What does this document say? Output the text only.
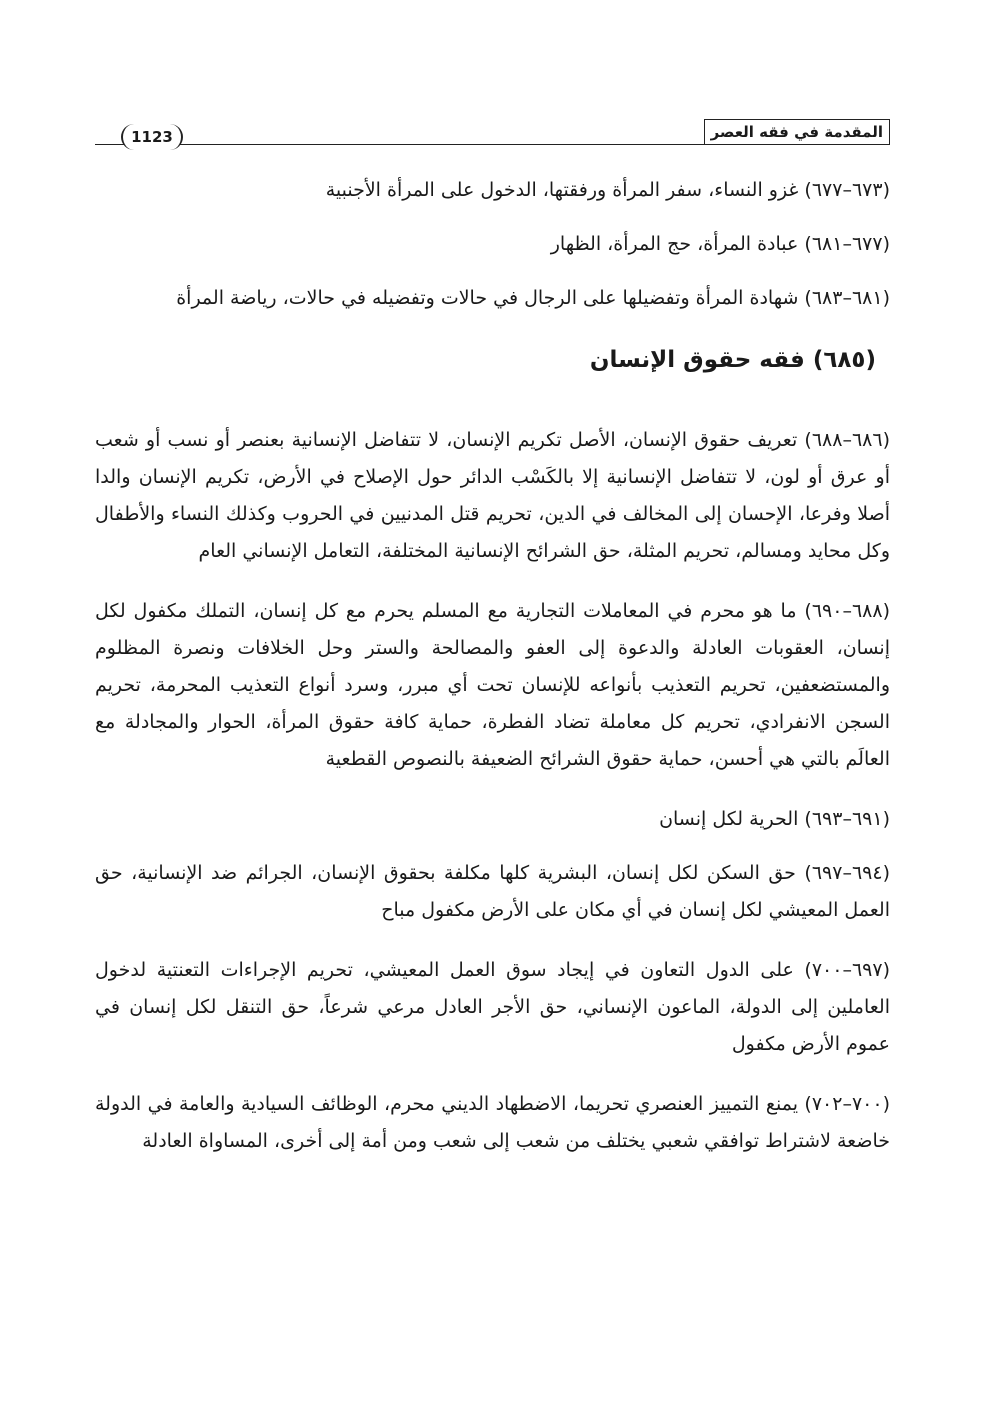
المقدمة في فقه العصر
1123

(٦٧٣–٦٧٧) غزو النساء، سفر المرأة ورفقتها، الدخول على المرأة الأجنبية

(٦٧٧–٦٨١) عبادة المرأة، حج المرأة، الظهار

(٦٨١–٦٨٣) شهادة المرأة وتفضيلها على الرجال في حالات وتفضيله في حالات، رياضة المرأة

(٦٨٥) فقه حقوق الإنسان

(٦٨٦–٦٨٨) تعريف حقوق الإنسان، الأصل تكريم الإنسان، لا تتفاضل الإنسانية بعنصر أو نسب أو شعب أو عرق أو لون، لا تتفاضل الإنسانية إلا بالكَسْب الدائر حول الإصلاح في الأرض، تكريم الإنسان والدا أصلا وفرعا، الإحسان إلى المخالف في الدين، تحريم قتل المدنيين في الحروب وكذلك النساء والأطفال وكل محايد ومسالم، تحريم المثلة، حق الشرائح الإنسانية المختلفة، التعامل الإنساني العام

(٦٨٨–٦٩٠) ما هو محرم في المعاملات التجارية مع المسلم يحرم مع كل إنسان، التملك مكفول لكل إنسان، العقوبات العادلة والدعوة إلى العفو والمصالحة والستر وحل الخلافات ونصرة المظلوم والمستضعفين، تحريم التعذيب بأنواعه للإنسان تحت أي مبرر، وسرد أنواع التعذيب المحرمة، تحريم السجن الانفرادي، تحريم كل معاملة تضاد الفطرة، حماية كافة حقوق المرأة، الحوار والمجادلة مع العالَم بالتي هي أحسن، حماية حقوق الشرائح الضعيفة بالنصوص القطعية

(٦٩١–٦٩٣) الحرية لكل إنسان

(٦٩٤–٦٩٧) حق السكن لكل إنسان، البشرية كلها مكلفة بحقوق الإنسان، الجرائم ضد الإنسانية، حق العمل المعيشي لكل إنسان في أي مكان على الأرض مكفول مباح

(٦٩٧–٧٠٠) على الدول التعاون في إيجاد سوق العمل المعيشي، تحريم الإجراءات التعنتية لدخول العاملين إلى الدولة، الماعون الإنساني، حق الأجر العادل مرعي شرعاً، حق التنقل لكل إنسان في عموم الأرض مكفول

(٧٠٠–٧٠٢) يمنع التمييز العنصري تحريما، الاضطهاد الديني محرم، الوظائف السيادية والعامة في الدولة خاضعة لاشتراط توافقي شعبي يختلف من شعب إلى شعب ومن أمة إلى أخرى، المساواة العادلة
